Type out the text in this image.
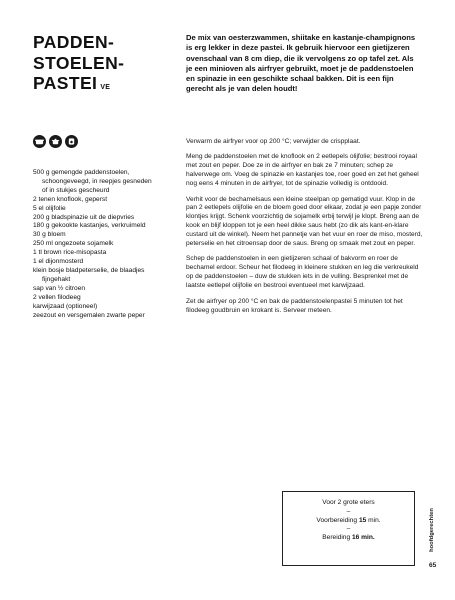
PADDEN-
STOELEN-
PASTEI VE

De mix van oesterzwammen, shiitake en kastanje-champignons is erg lekker in deze pastei. Ik gebruik hiervoor een gietijzeren ovenschaal van 8 cm diep, die ik vervolgens zo op tafel zet. Als je een minioven als airfryer gebruikt, moet je de paddenstoelen en spinazie in een geschikte schaal bakken. Dit is een fijn gerecht als je van delen houdt!

500 g gemengde paddenstoelen,
schoongeveegd, in reepjes gesneden
of in stukjes gescheurd
2 tenen knoflook, geperst
5 el olijfolie
200 g bladspinazie uit de diepvries
180 g gekookte kastanjes, verkruimeld
30 g bloem
250 ml ongezoete sojamelk
1 tl brown rice-misopasta
1 el dijonmosterd
klein bosje bladpeterselie, de blaadjes
fijngehakt
sap van ½ citroen
2 vellen filodeeg
karwijzaad (optioneel)
zeezout en versgemalen zwarte peper

Verwarm de airfryer voor op 200 °C; verwijder de crispplaat.

Meng de paddenstoelen met de knoflook en 2 eetlepels olijfolie; bestrooi royaal met zout en peper. Doe ze in de airfryer en bak ze 7 minuten; schep ze halverwege om. Voeg de spinazie en kastanjes toe, roer goed en zet het geheel nog eens 4 minuten in de airfryer, tot de spinazie volledig is ontdooid.

Verhit voor de bechamelsaus een kleine steelpan op gematigd vuur. Klop in de pan 2 eetlepels olijfolie en de bloem goed door elkaar, zodat je een papje zonder klontjes krijgt. Schenk voorzichtig de sojamelk erbij terwijl je klopt. Breng aan de kook en blijf kloppen tot je een heel dikke saus hebt (zo dik als kant-en-klare custard uit de winkel). Neem het pannetje van het vuur en roer de miso, mosterd, peterselie en het citroensap door de saus. Breng op smaak met zout en peper.

Schep de paddenstoelen in een gietijzeren schaal of bakvorm en roer de bechamel erdoor. Scheur het filodeeg in kleinere stukken en leg die verkreukeld op de paddenstoelen – duw de stukken iets in de vulling. Besprenkel met de laatste eetlepel olijfolie en bestrooi eventueel met karwijzaad.

Zet de airfryer op 200 °C en bak de paddenstoelenpastei 5 minuten tot het filodeeg goudbruin en krokant is. Serveer meteen.

Voor 2 grote eters
–
Voorbereiding 15 min.
–
Bereiding 16 min.	hoofdgerechten
65
